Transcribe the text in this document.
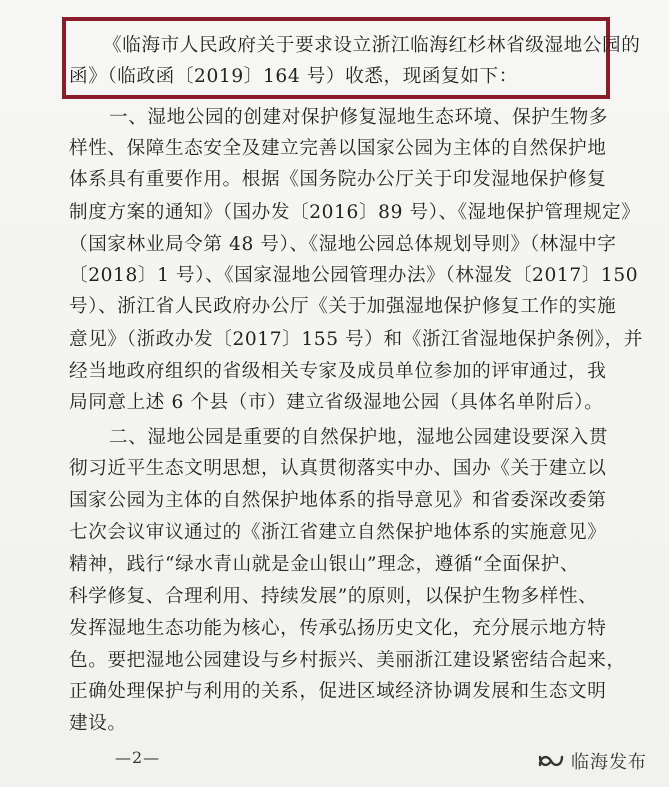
《临海市人民政府关于要求设立浙江临海红杉林省级湿地公园的
函》（临政函〔2019〕164 号）收悉，现函复如下：
一、湿地公园的创建对保护修复湿地生态环境、保护生物多
样性、保障生态安全及建立完善以国家公园为主体的自然保护地
体系具有重要作用。根据《国务院办公厅关于印发湿地保护修复
制度方案的通知》（国办发〔2016〕89 号）、《湿地保护管理规定》
（国家林业局令第 48 号）、《湿地公园总体规划导则》（林湿中字
〔2018〕1 号）、《国家湿地公园管理办法》（林湿发〔2017〕150
号）、浙江省人民政府办公厅《关于加强湿地保护修复工作的实施
意见》（浙政办发〔2017〕155 号）和《浙江省湿地保护条例》，并
经当地政府组织的省级相关专家及成员单位参加的评审通过，我
局同意上述 6 个县（市）建立省级湿地公园（具体名单附后）。
二、湿地公园是重要的自然保护地，湿地公园建设要深入贯
彻习近平生态文明思想，认真贯彻落实中办、国办《关于建立以
国家公园为主体的自然保护地体系的指导意见》和省委深改委第
七次会议审议通过的《浙江省建立自然保护地体系的实施意见》
精神，践行“绿水青山就是金山银山”理念，遵循“全面保护、
科学修复、合理利用、持续发展”的原则，以保护生物多样性、
发挥湿地生态功能为核心，传承弘扬历史文化，充分展示地方特
色。要把湿地公园建设与乡村振兴、美丽浙江建设紧密结合起来，
正确处理保护与利用的关系，促进区域经济协调发展和生态文明
建设。
—2—	临海发布
